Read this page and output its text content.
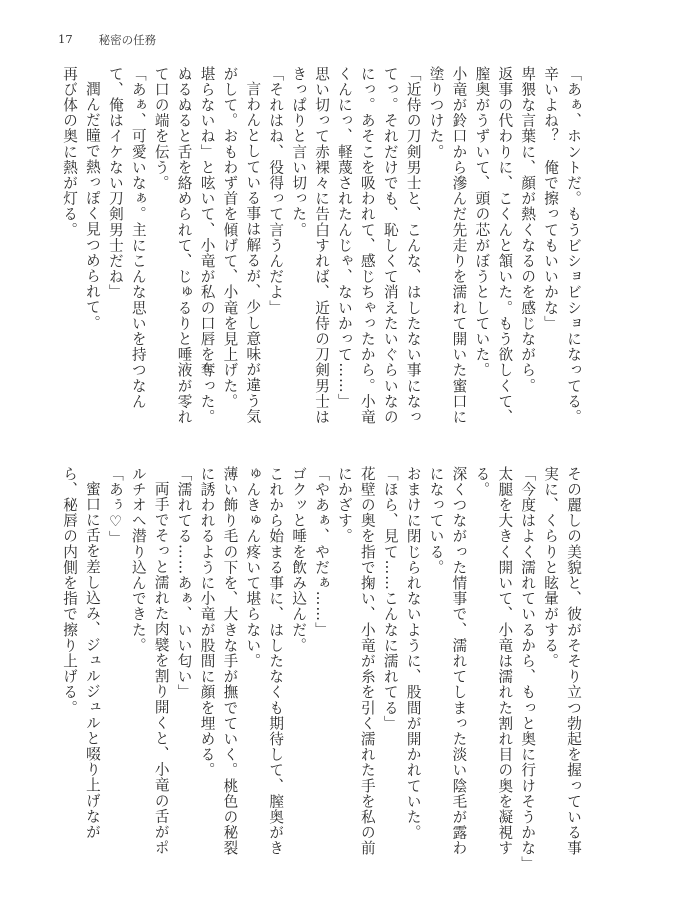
17 秘密の任務

「あぁ、ホントだ。もうビショビショになってる。辛いよね？　俺で擦ってもいいかな」

卑猥な言葉に、顔が熱くなるのを感じながら。

返事の代わりに、こくんと頷いた。もう欲しくて、膣奥がうずいて、頭の芯がぼうとしていた。

小竜が鈴口から滲んだ先走りを濡れて開いた蜜口に塗りつけた。

「近侍の刀剣男士と、こんな、はしたない事になってっ。それだけでも、恥しくて消えたいぐらいなのにっ。あそこを吸われて、感じちゃったから。小竜くんにっ、軽蔑されたんじゃ、ないかって……」

思い切って赤裸々に告白すれば、近侍の刀剣男士はきっぱりと言い切った。

「それはね、役得って言うんだよ」

言わんとしている事は解るが、少し意味が違う気がして。おもわず首を傾げて、小竜を見上げた。

堪らないね」と呟いて、小竜が私の口唇を奪った。

ぬるぬると舌を絡められて、じゅるりと唾液が零れて口の端を伝う。

「あぁ、可愛いなぁ。主にこんな思いを持つなんて、俺はイケない刀剣男士だね」

潤んだ瞳で熱っぽく見つめられて。

再び体の奥に熱が灯る。

その麗しの美貌と、彼がそそり立つ勃起を握っている事実に、くらりと眩暈がする。

「今度はよく濡れているから、もっと奥に行けそうかな」

太腿を大きく開いて、小竜は濡れた割れ目の奥を凝視する。

深くつながった情事で、濡れてしまった淡い陰毛が露わになっている。

おまけに閉じられないように、股間が開かれていた。

「ほら、見て……こんなに濡れてる」

花壁の奥を指で掬い、小竜が糸を引く濡れた手を私の前にかざす。

「やあぁ、やだぁ……」

ゴクッと唾を飲み込んだ。

これから始まる事に、はしたなくも期待して、膣奥がきゅんきゅん疼いて堪らない。

薄い飾り毛の下を、大きな手が撫でていく。桃色の秘裂に誘われるように小竜が股間に顔を埋める。

「濡れてる……あぁ、いい匂い」

両手でそっと濡れた肉襞を割り開くと、小竜の舌がポルチオへ潜り込んできた。

「あぅ♡」

蜜口に舌を差し込み、ジュルジュルと啜り上げながら、秘唇の内側を指で擦り上げる。
